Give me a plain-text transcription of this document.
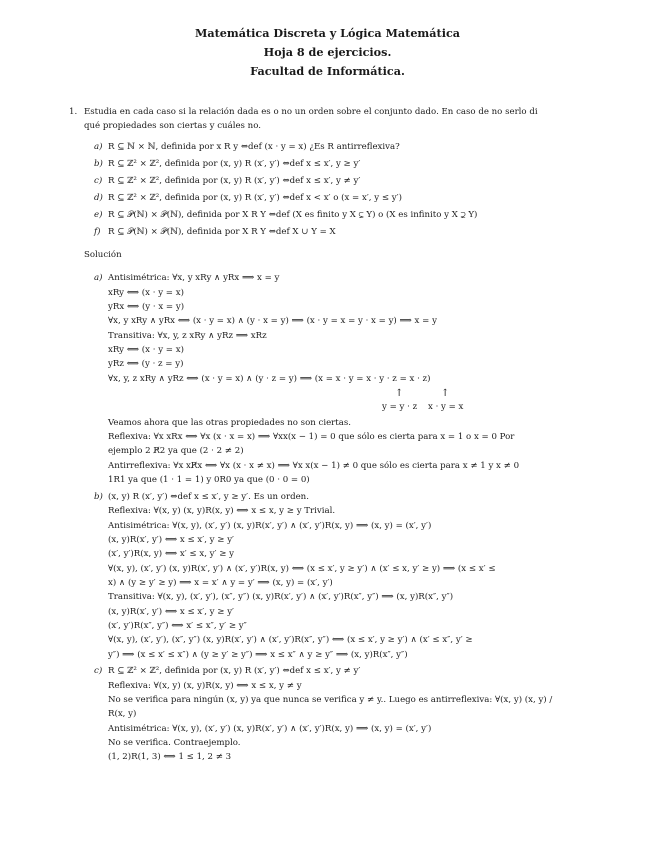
Matemática Discreta y Lógica Matemática
Hoja 8 de ejercicios.
Facultad de Informática.
1. Estudia en cada caso si la relación dada es o no un orden sobre el conjunto dado. En caso de no serlo di
qué propiedades son ciertas y cuáles no.
a) R ⊆ ℕ × ℕ, definida por x R y ⇔def (x · y = x) ¿Es R antirreflexiva?
b) R ⊆ ℤ² × ℤ², definida por (x, y) R (x′, y′) ⇔def x ≤ x′, y ≥ y′
c) R ⊆ ℤ² × ℤ², definida por (x, y) R (x′, y′) ⇔def x ≤ x′, y ≠ y′
d) R ⊆ ℤ² × ℤ², definida por (x, y) R (x′, y′) ⇔def x < x′ o (x = x′, y ≤ y′)
e) R ⊆ 𝒫(ℕ) × 𝒫(ℕ), definida por X R Y ⇔def (X es finito y X ⊊ Y) o (X es infinito y X ⊋ Y)
f) R ⊆ 𝒫(ℕ) × 𝒫(ℕ), definida por X R Y ⇔def X ∪ Y = X
Solución
a) Antisimétrica: ∀x, y xRy ∧ yRx ⟹ x = y
xRy ⟺ (x · y = x)
yRx ⟺ (y · x = y)
∀x, y xRy ∧ yRx ⟺ (x · y = x) ∧ (y · x = y) ⟹ (x · y = x = y · x = y) ⟹ x = y
Transitiva: ∀x, y, z xRy ∧ yRz ⟹ xRz
xRy ⟺ (x · y = x)
yRz ⟺ (y · z = y)
∀x, y, z xRy ∧ yRz ⟺ (x · y = x) ∧ (y · z = y) ⟹ (x = x · y = x · y · z = x · z)
↑	↑
y = y · z x · y = x
Veamos ahora que las otras propiedades no son ciertas.
Reflexiva: ∀x xRx ⟺ ∀x (x · x = x) ⟹ ∀xx(x − 1) = 0 que sólo es cierta para x = 1 o x = 0 Por
ejemplo 2 R̸2 ya que (2 · 2 ≠ 2)
Antirreflexiva: ∀x xR̸x ⟺ ∀x (x · x ≠ x) ⟹ ∀x x(x − 1) ≠ 0 que sólo es cierta para x ≠ 1 y x ≠ 0
1R1 ya que (1 · 1 = 1) y 0R0 ya que (0 · 0 = 0)
b) (x, y) R (x′, y′) ⇔def x ≤ x′, y ≥ y′. Es un orden.
Reflexiva: ∀(x, y) (x, y)R(x, y) ⟺ x ≤ x, y ≥ y Trivial.
Antisimétrica: ∀(x, y), (x′, y′) (x, y)R(x′, y′) ∧ (x′, y′)R(x, y) ⟹ (x, y) = (x′, y′)
(x, y)R(x′, y′) ⟺ x ≤ x′, y ≥ y′
(x′, y′)R(x, y) ⟺ x′ ≤ x, y′ ≥ y
∀(x, y), (x′, y′) (x, y)R(x′, y′) ∧ (x′, y′)R(x, y) ⟺ (x ≤ x′, y ≥ y′) ∧ (x′ ≤ x, y′ ≥ y) ⟹ (x ≤ x′ ≤
x) ∧ (y ≥ y′ ≥ y) ⟹ x = x′ ∧ y = y′ ⟹ (x, y) = (x′, y′)
Transitiva: ∀(x, y), (x′, y′), (x″, y″) (x, y)R(x′, y′) ∧ (x′, y′)R(x″, y″) ⟹ (x, y)R(x″, y″)
(x, y)R(x′, y′) ⟺ x ≤ x′, y ≥ y′
(x′, y′)R(x″, y″) ⟺ x′ ≤ x″, y′ ≥ y″
∀(x, y), (x′, y′), (x″, y″) (x, y)R(x′, y′) ∧ (x′, y′)R(x″, y″) ⟺ (x ≤ x′, y ≥ y′) ∧ (x′ ≤ x″, y′ ≥
y″) ⟹ (x ≤ x′ ≤ x″) ∧ (y ≥ y′ ≥ y″) ⟹ x ≤ x″ ∧ y ≥ y″ ⟹ (x, y)R(x″, y″)
c) R ⊆ ℤ² × ℤ², definida por (x, y) R (x′, y′) ⇔def x ≤ x′, y ≠ y′
Reflexiva: ∀(x, y) (x, y)R(x, y) ⟺ x ≤ x, y ≠ y
No se verifica para ningún (x, y) ya que nunca se verifica y ≠ y.. Luego es antirreflexiva: ∀(x, y) (x, y) /
R(x, y)
Antisimétrica: ∀(x, y), (x′, y′) (x, y)R(x′, y′) ∧ (x′, y′)R(x, y) ⟹ (x, y) = (x′, y′)
No se verifica. Contraejemplo.
(1, 2)R(1, 3) ⟺ 1 ≤ 1, 2 ≠ 3
